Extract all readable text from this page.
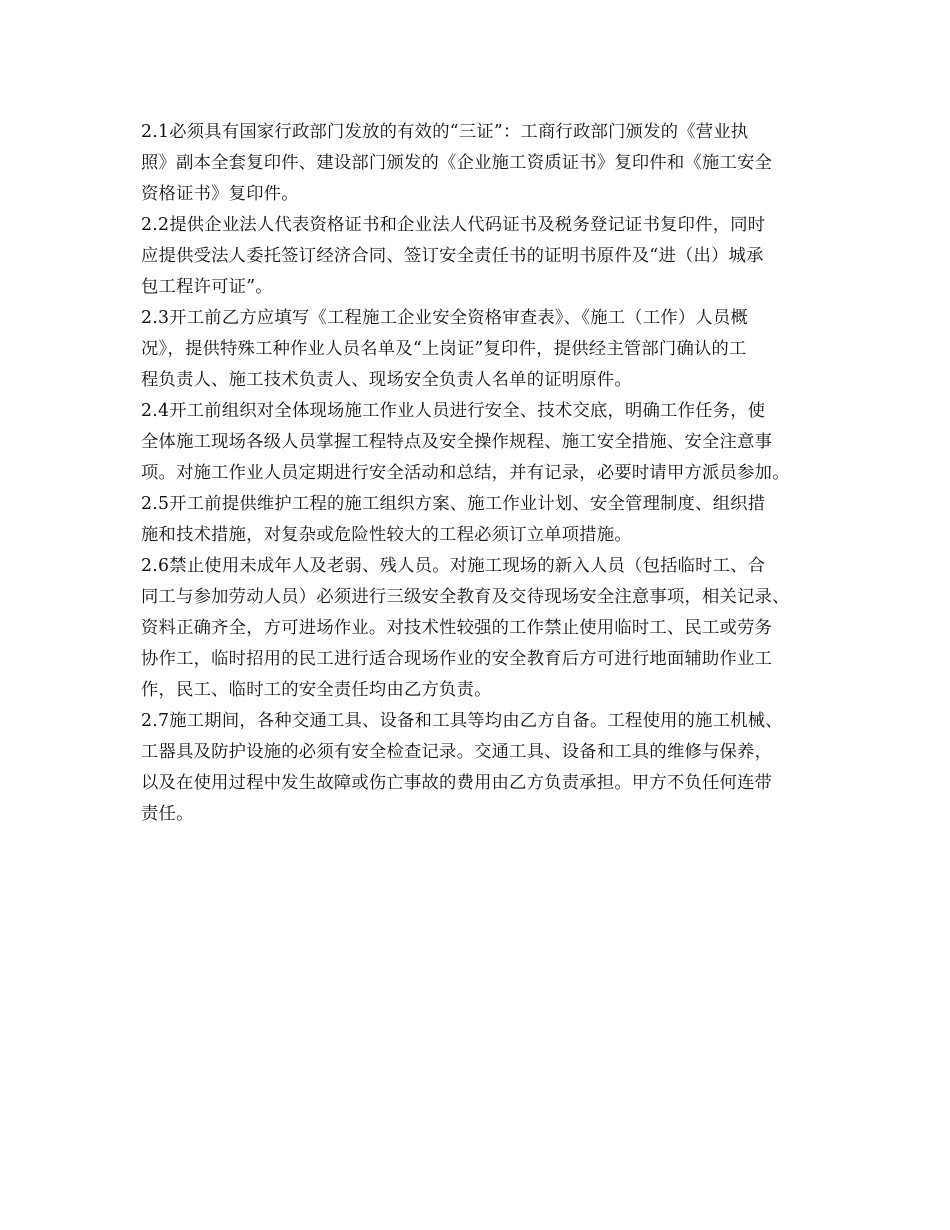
2.1必须具有国家行政部门发放的有效的“三证”：工商行政部门颁发的《营业执
照》副本全套复印件、建设部门颁发的《企业施工资质证书》复印件和《施工安全
资格证书》复印件。
2.2提供企业法人代表资格证书和企业法人代码证书及税务登记证书复印件，同时
应提供受法人委托签订经济合同、签订安全责任书的证明书原件及“进（出）城承
包工程许可证”。
2.3开工前乙方应填写《工程施工企业安全资格审查表》、《施工（工作）人员概
况》，提供特殊工种作业人员名单及“上岗证”复印件，提供经主管部门确认的工
程负责人、施工技术负责人、现场安全负责人名单的证明原件。
2.4开工前组织对全体现场施工作业人员进行安全、技术交底，明确工作任务，使
全体施工现场各级人员掌握工程特点及安全操作规程、施工安全措施、安全注意事
项。对施工作业人员定期进行安全活动和总结，并有记录，必要时请甲方派员参加。
2.5开工前提供维护工程的施工组织方案、施工作业计划、安全管理制度、组织措
施和技术措施，对复杂或危险性较大的工程必须订立单项措施。
2.6禁止使用未成年人及老弱、残人员。对施工现场的新入人员（包括临时工、合
同工与参加劳动人员）必须进行三级安全教育及交待现场安全注意事项，相关记录、
资料正确齐全，方可进场作业。对技术性较强的工作禁止使用临时工、民工或劳务
协作工，临时招用的民工进行适合现场作业的安全教育后方可进行地面辅助作业工
作，民工、临时工的安全责任均由乙方负责。
2.7施工期间，各种交通工具、设备和工具等均由乙方自备。工程使用的施工机械、
工器具及防护设施的必须有安全检查记录。交通工具、设备和工具的维修与保养，
以及在使用过程中发生故障或伤亡事故的费用由乙方负责承担。甲方不负任何连带
责任。
